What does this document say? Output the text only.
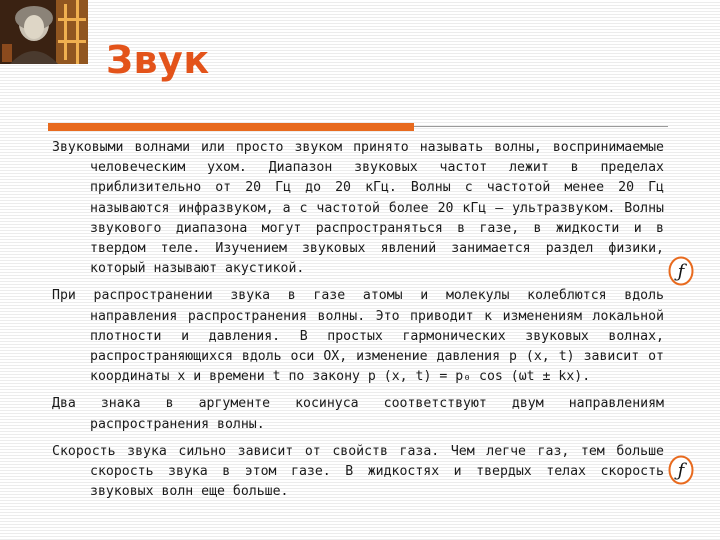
Звук

Звуковыми волнами или просто звуком принято называть волны, воспринимаемые человеческим ухом. Диапазон звуковых частот лежит в пределах приблизительно от 20 Гц до 20 кГц. Волны с частотой менее 20 Гц называются инфразвуком, а с частотой более 20 кГц – ультразвуком. Волны звукового диапазона могут распространяться в газе, в жидкости и в твердом теле. Изучением звуковых явлений занимается раздел физики, который называют акустикой.

При распространении звука в газе атомы и молекулы колеблются вдоль направления распространения волны. Это приводит к изменениям локальной плотности и давления. В простых гармонических звуковых волнах, распространяющихся вдоль оси OX, изменение давления p (x, t) зависит от координаты x и времени t по закону p (x, t) = p₀ cos (ωt ± kx).

Два знака в аргументе косинуса соответствуют двум направлениям распространения волны.

Скорость звука сильно зависит от свойств газа. Чем легче газ, тем больше скорость звука в этом газе. В жидкостях и твердых телах скорость звуковых волн еще больше.

ƒ
ƒ
